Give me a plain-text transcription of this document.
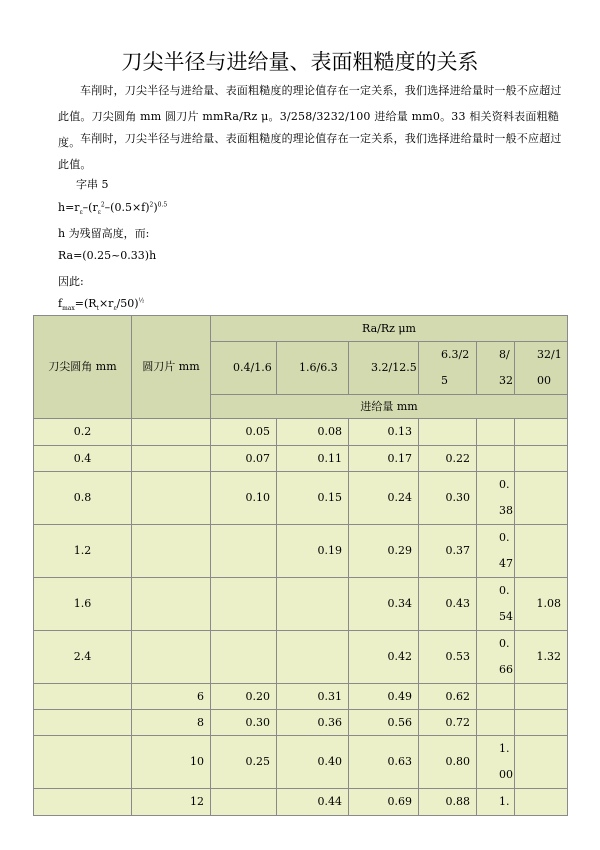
刀尖半径与进给量、表面粗糙度的关系
车削时，刀尖半径与进给量、表面粗糙度的理论值存在一定关系，我们选择进给量时一般不应超过此值。刀尖圆角 mm 圆刀片 mmRa/Rz μ。3/258/3232/100 进给量 mm0。33 相关资料表面粗糙度。 车削时，刀尖半径与进给量、表面粗糙度的理论值存在一定关系，我们选择进给量时一般不应超过此值。
字串 5
$h=r_\varepsilon-(r_\varepsilon^2-(0.5\times f)^2)^{0.5}$
h 为残留高度，而:
Ra=(0.25~0.33)h
因此:
$f_{max}=(R_t\times r_\varepsilon/50)^{\frac{1}{2}}$
刀尖圆角 mm	圆刀片 mm	Ra/Rz μm					
		0.4/1.6	1.6/6.3	3.2/12.5	6.3/25	8/32	32/100
		进给量 mm					
0.2		0.05	0.08	0.13			
0.4		0.07	0.11	0.17	0.22		
0.8		0.10	0.15	0.24	0.30	0.38	
1.2			0.19	0.29	0.37	0.47	
1.6				0.34	0.43	0.54	1.08
2.4				0.42	0.53	0.66	1.32
	6	0.20	0.31	0.49	0.62		
	8	0.30	0.36	0.56	0.72		
	10	0.25	0.40	0.63	0.80	1.00	
	12		0.44	0.69	0.88	1.	
